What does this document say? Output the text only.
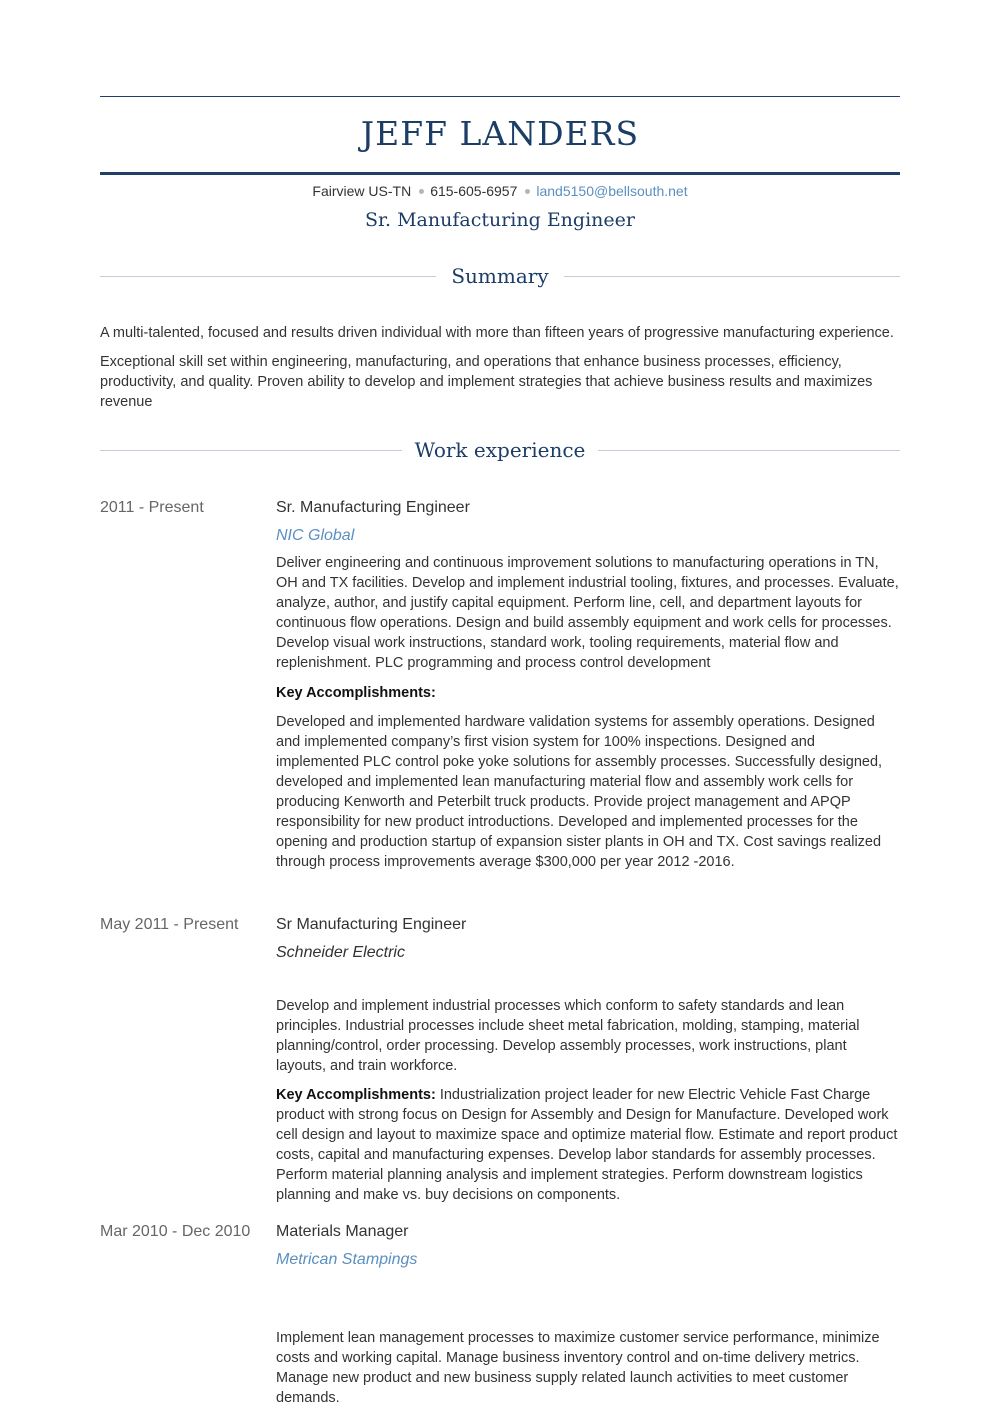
JEFF LANDERS
Fairview US-TN 615-605-6957 land5150@bellsouth.net
Sr. Manufacturing Engineer
Summary
A multi-talented, focused and results driven individual with more than fifteen years of progressive manufacturing experience.
Exceptional skill set within engineering, manufacturing, and operations that enhance business processes, efficiency, productivity, and quality. Proven ability to develop and implement strategies that achieve business results and maximizes revenue
Work experience
2011 - Present	Sr. Manufacturing Engineer
NIC Global
Deliver engineering and continuous improvement solutions to manufacturing operations in TN, OH and TX facilities. Develop and implement industrial tooling, fixtures, and processes. Evaluate, analyze, author, and justify capital equipment. Perform line, cell, and department layouts for continuous flow operations. Design and build assembly equipment and work cells for processes. Develop visual work instructions, standard work, tooling requirements, material flow and replenishment. PLC programming and process control development
Key Accomplishments:
Developed and implemented hardware validation systems for assembly operations. Designed and implemented company’s first vision system for 100% inspections. Designed and implemented PLC control poke yoke solutions for assembly processes. Successfully designed, developed and implemented lean manufacturing material flow and assembly work cells for producing Kenworth and Peterbilt truck products. Provide project management and APQP responsibility for new product introductions. Developed and implemented processes for the opening and production startup of expansion sister plants in OH and TX. Cost savings realized through process improvements average $300,000 per year 2012 -2016.
May 2011 - Present	Sr Manufacturing Engineer
Schneider Electric
Develop and implement industrial processes which conform to safety standards and lean principles. Industrial processes include sheet metal fabrication, molding, stamping, material planning/control, order processing. Develop assembly processes, work instructions, plant layouts, and train workforce.
Key Accomplishments: Industrialization project leader for new Electric Vehicle Fast Charge product with strong focus on Design for Assembly and Design for Manufacture. Developed work cell design and layout to maximize space and optimize material flow. Estimate and report product costs, capital and manufacturing expenses. Develop labor standards for assembly processes. Perform material planning analysis and implement strategies. Perform downstream logistics planning and make vs. buy decisions on components.
Mar 2010 - Dec 2010	Materials Manager
Metrican Stampings
Implement lean management processes to maximize customer service performance, minimize costs and working capital. Manage business inventory control and on-time delivery metrics. Manage new product and new business supply related launch activities to meet customer demands.
